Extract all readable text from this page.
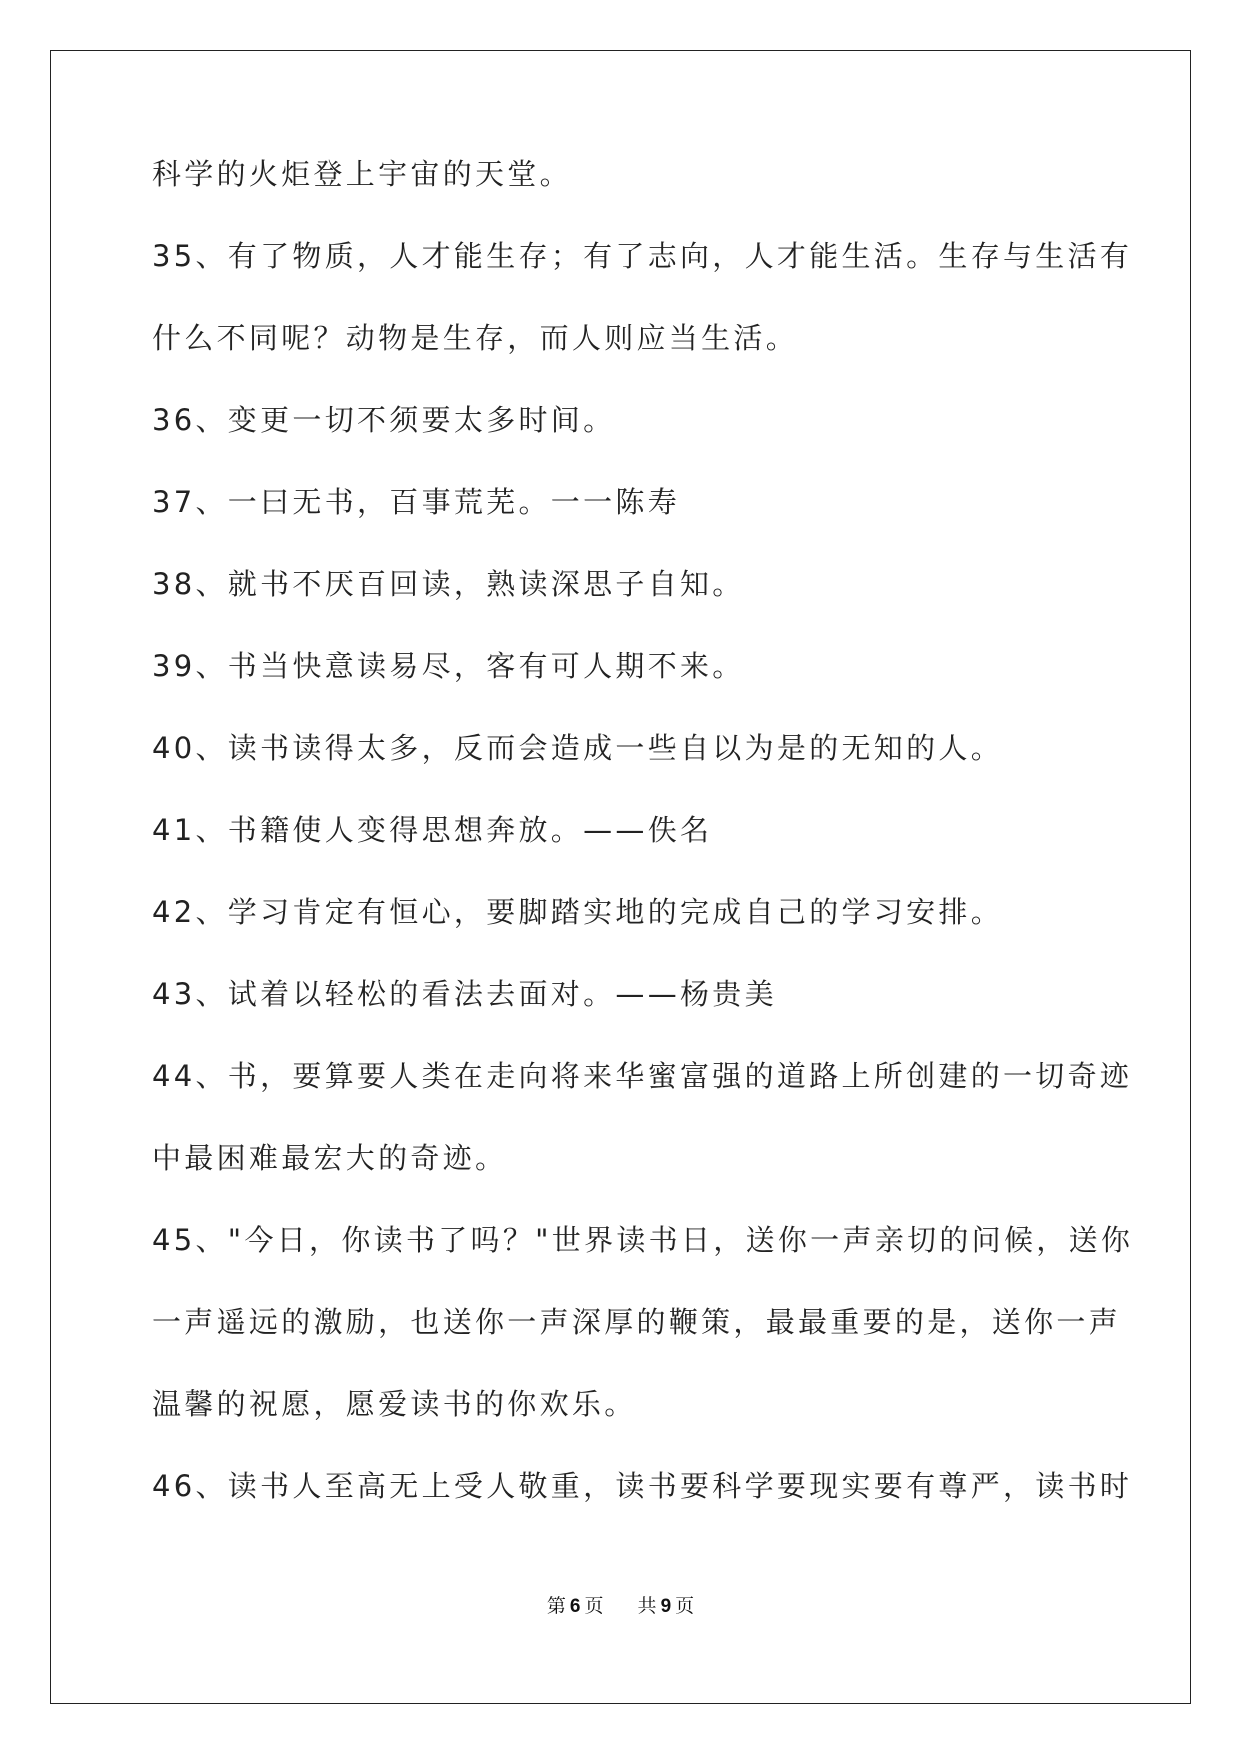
科学的火炬登上宇宙的天堂。
35、有了物质，人才能生存；有了志向，人才能生活。生存与生活有
什么不同呢？动物是生存，而人则应当生活。
36、变更一切不须要太多时间。
37、一曰无书，百事荒芜。一一陈寿
38、就书不厌百回读，熟读深思子自知。
39、书当快意读易尽，客有可人期不来。
40、读书读得太多，反而会造成一些自以为是的无知的人。
41、书籍使人变得思想奔放。——佚名
42、学习肯定有恒心，要脚踏实地的完成自己的学习安排。
43、试着以轻松的看法去面对。——杨贵美
44、书，要算要人类在走向将来华蜜富强的道路上所创建的一切奇迹
中最困难最宏大的奇迹。
45、"今日，你读书了吗？"世界读书日，送你一声亲切的问候，送你
一声遥远的激励，也送你一声深厚的鞭策，最最重要的是，送你一声
温馨的祝愿，愿爱读书的你欢乐。
46、读书人至高无上受人敬重，读书要科学要现实要有尊严，读书时
第 6 页 共 9 页
